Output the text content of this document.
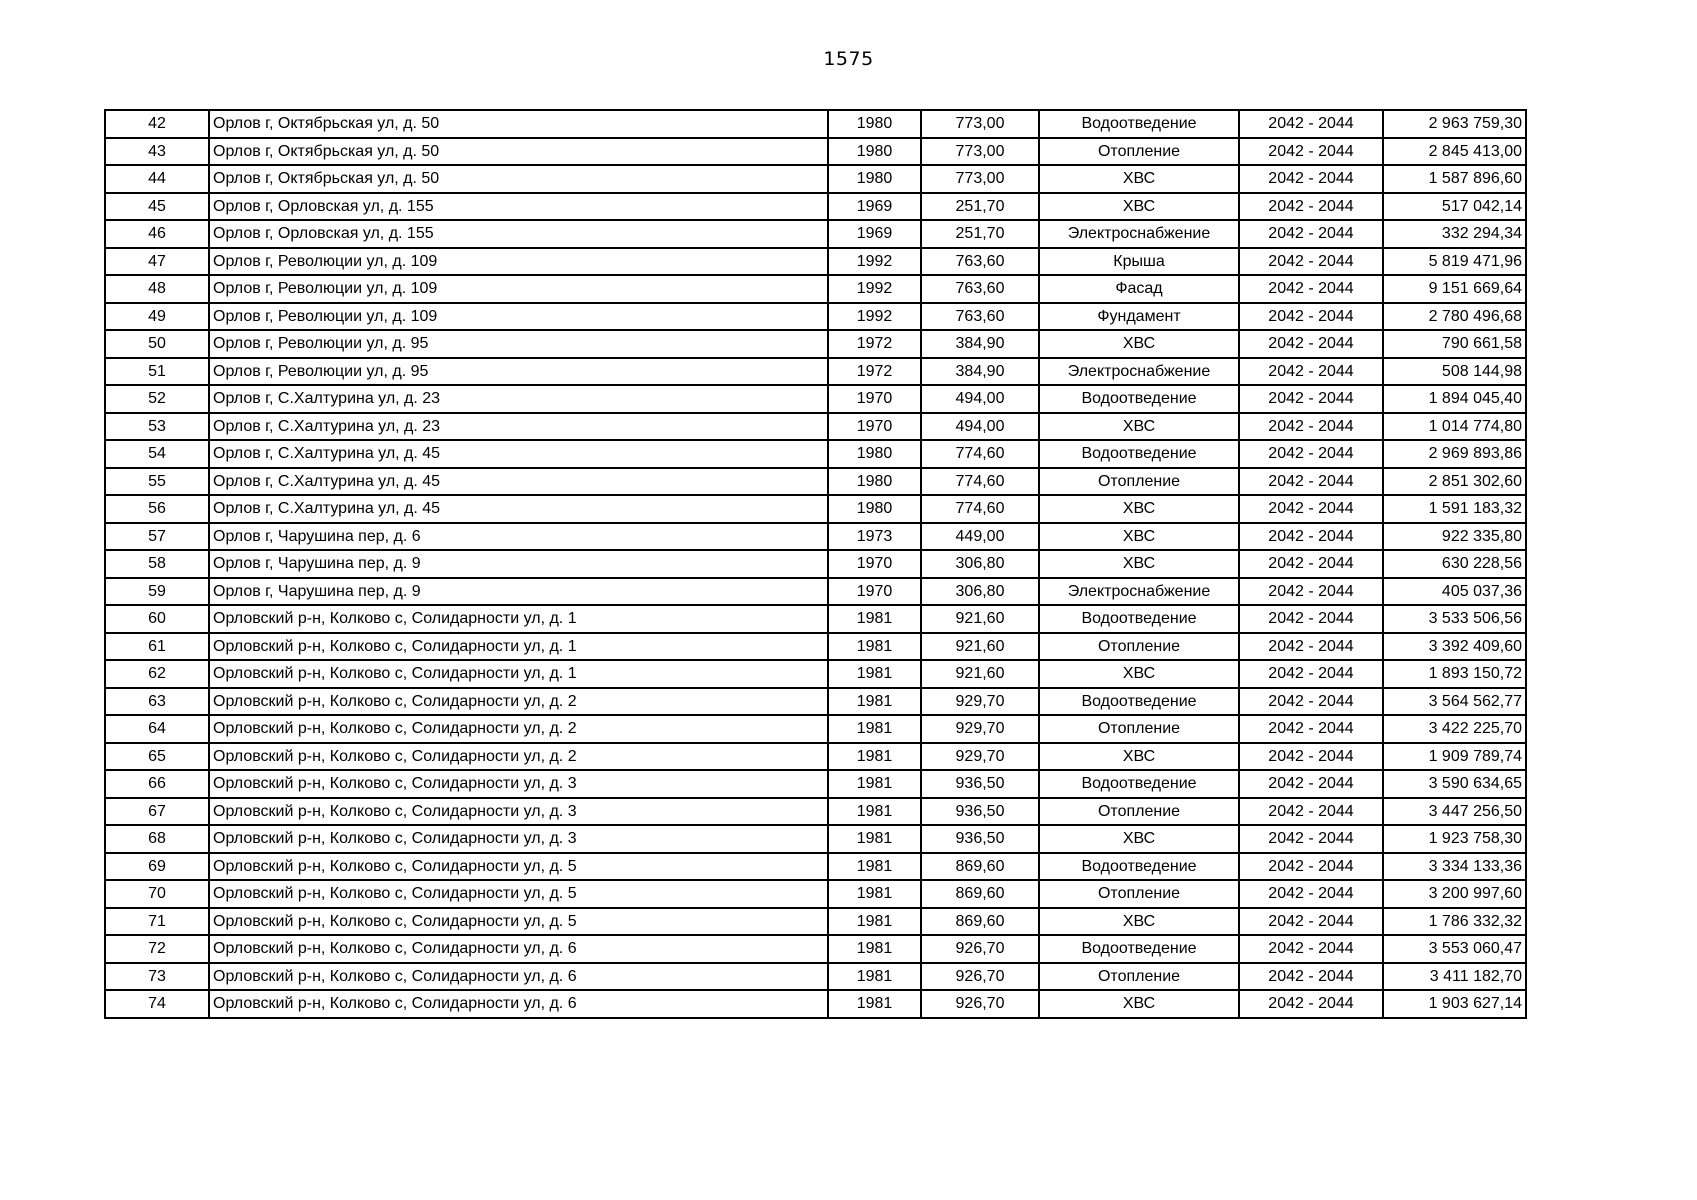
1575
42	Орлов г, Октябрьская ул, д. 50	1980	773,00	Водоотведение	2042 - 2044	2 963 759,30
43	Орлов г, Октябрьская ул, д. 50	1980	773,00	Отопление	2042 - 2044	2 845 413,00
44	Орлов г, Октябрьская ул, д. 50	1980	773,00	ХВС	2042 - 2044	1 587 896,60
45	Орлов г, Орловская ул, д. 155	1969	251,70	ХВС	2042 - 2044	517 042,14
46	Орлов г, Орловская ул, д. 155	1969	251,70	Электроснабжение	2042 - 2044	332 294,34
47	Орлов г, Революции ул, д. 109	1992	763,60	Крыша	2042 - 2044	5 819 471,96
48	Орлов г, Революции ул, д. 109	1992	763,60	Фасад	2042 - 2044	9 151 669,64
49	Орлов г, Революции ул, д. 109	1992	763,60	Фундамент	2042 - 2044	2 780 496,68
50	Орлов г, Революции ул, д. 95	1972	384,90	ХВС	2042 - 2044	790 661,58
51	Орлов г, Революции ул, д. 95	1972	384,90	Электроснабжение	2042 - 2044	508 144,98
52	Орлов г, С.Халтурина ул, д. 23	1970	494,00	Водоотведение	2042 - 2044	1 894 045,40
53	Орлов г, С.Халтурина ул, д. 23	1970	494,00	ХВС	2042 - 2044	1 014 774,80
54	Орлов г, С.Халтурина ул, д. 45	1980	774,60	Водоотведение	2042 - 2044	2 969 893,86
55	Орлов г, С.Халтурина ул, д. 45	1980	774,60	Отопление	2042 - 2044	2 851 302,60
56	Орлов г, С.Халтурина ул, д. 45	1980	774,60	ХВС	2042 - 2044	1 591 183,32
57	Орлов г, Чарушина пер, д. 6	1973	449,00	ХВС	2042 - 2044	922 335,80
58	Орлов г, Чарушина пер, д. 9	1970	306,80	ХВС	2042 - 2044	630 228,56
59	Орлов г, Чарушина пер, д. 9	1970	306,80	Электроснабжение	2042 - 2044	405 037,36
60	Орловский р-н, Колково с, Солидарности ул, д. 1	1981	921,60	Водоотведение	2042 - 2044	3 533 506,56
61	Орловский р-н, Колково с, Солидарности ул, д. 1	1981	921,60	Отопление	2042 - 2044	3 392 409,60
62	Орловский р-н, Колково с, Солидарности ул, д. 1	1981	921,60	ХВС	2042 - 2044	1 893 150,72
63	Орловский р-н, Колково с, Солидарности ул, д. 2	1981	929,70	Водоотведение	2042 - 2044	3 564 562,77
64	Орловский р-н, Колково с, Солидарности ул, д. 2	1981	929,70	Отопление	2042 - 2044	3 422 225,70
65	Орловский р-н, Колково с, Солидарности ул, д. 2	1981	929,70	ХВС	2042 - 2044	1 909 789,74
66	Орловский р-н, Колково с, Солидарности ул, д. 3	1981	936,50	Водоотведение	2042 - 2044	3 590 634,65
67	Орловский р-н, Колково с, Солидарности ул, д. 3	1981	936,50	Отопление	2042 - 2044	3 447 256,50
68	Орловский р-н, Колково с, Солидарности ул, д. 3	1981	936,50	ХВС	2042 - 2044	1 923 758,30
69	Орловский р-н, Колково с, Солидарности ул, д. 5	1981	869,60	Водоотведение	2042 - 2044	3 334 133,36
70	Орловский р-н, Колково с, Солидарности ул, д. 5	1981	869,60	Отопление	2042 - 2044	3 200 997,60
71	Орловский р-н, Колково с, Солидарности ул, д. 5	1981	869,60	ХВС	2042 - 2044	1 786 332,32
72	Орловский р-н, Колково с, Солидарности ул, д. 6	1981	926,70	Водоотведение	2042 - 2044	3 553 060,47
73	Орловский р-н, Колково с, Солидарности ул, д. 6	1981	926,70	Отопление	2042 - 2044	3 411 182,70
74	Орловский р-н, Колково с, Солидарности ул, д. 6	1981	926,70	ХВС	2042 - 2044	1 903 627,14
